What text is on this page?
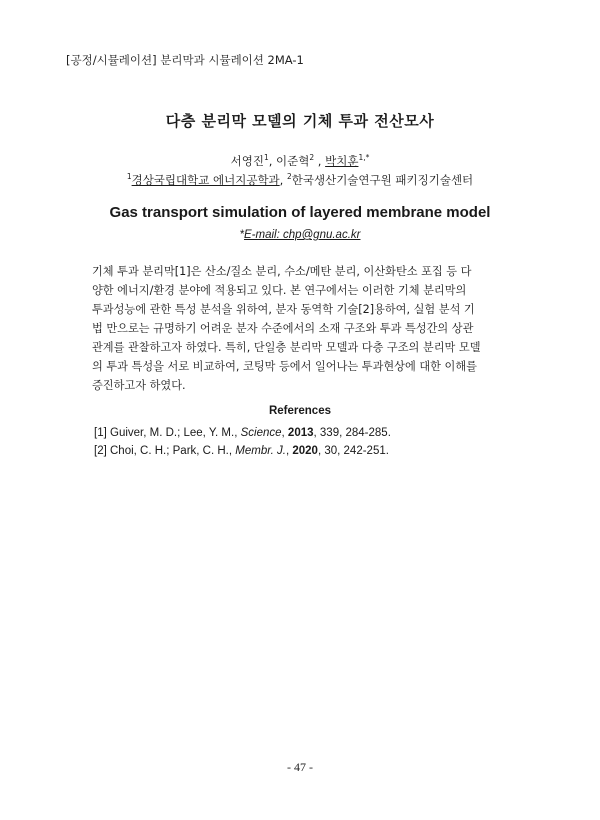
[공정/시뮬레이션] 분리막과 시뮬레이션 2MA-1
다층 분리막 모델의 기체 투과 전산모사
서영진$^1$, 이준혁$^2$ , 박치훈$^{1,*}$
$^1$경상국립대학교 에너지공학과, $^2$한국생산기술연구원 패키징기술센터
Gas transport simulation of layered membrane model
*E-mail: chp@gnu.ac.kr
기체 투과 분리막[1]은 산소/질소 분리, 수소/메탄 분리, 이산화탄소 포집 등 다
양한 에너지/환경 분야에 적용되고 있다. 본 연구에서는 이러한 기체 분리막의
투과성능에 관한 특성 분석을 위하여, 분자 동역학 기술[2]용하여, 실험 분석 기
법 만으로는 규명하기 어려운 분자 수준에서의 소재 구조와 투과 특성간의 상관
관계를 관찰하고자 하였다. 특히, 단일층 분리막 모델과 다층 구조의 분리막 모델
의 투과 특성을 서로 비교하여, 코팅막 등에서 일어나는 투과현상에 대한 이해를
증진하고자 하였다.
References
[1] Guiver, M. D.; Lee, Y. M., Science, 2013, 339, 284-285.
[2] Choi, C. H.; Park, C. H., Membr. J., 2020, 30, 242-251.
- 47 -
